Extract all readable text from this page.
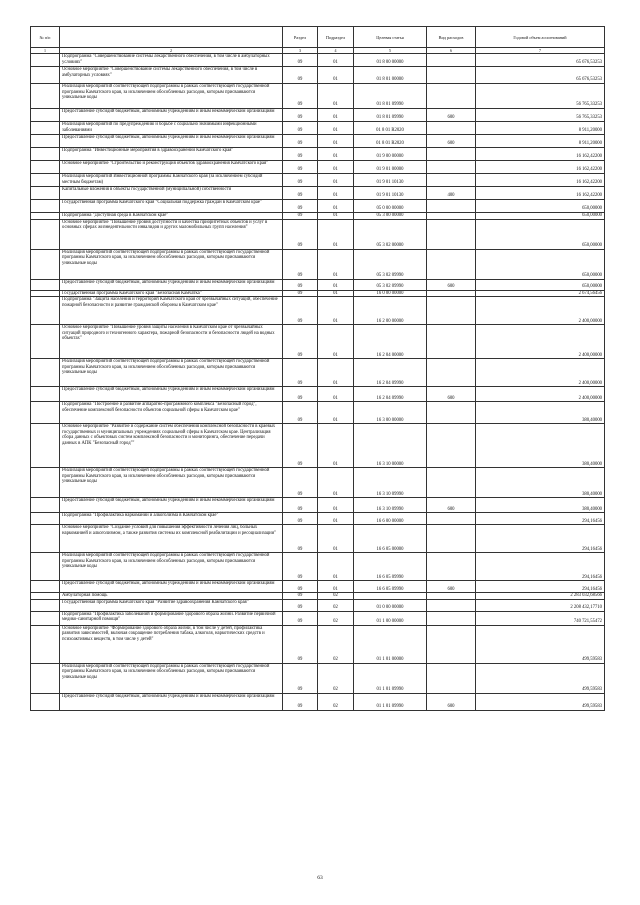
№ п/п		Раздел	Подраздел	Целевая статья	Вид расходов	Годовой объем ассигнований
1	2	3	4	5	6	7
	Подпрограмма "Совершенствование системы лекарственного обеспечения, в том числе в амбулаторных условиях"	09	01	01 8 00 00000		65 676,53253
	Основное мероприятие "Совершенствование системы лекарственного обеспечения, в том числе в амбулаторных условиях"	09	01	01 8 01 00000		65 676,53253
	Реализация мероприятий соответствующей подпрограммы в рамках соответствующей государственной программы Камчатского края, за исключением обособленных расходов, которым присваиваются уникальные коды	09	01	01 8 01 09990		56 765,33253
	Предоставление субсидий бюджетным, автономным учреждениям и иным некоммерческим организациям	09	01	01 8 01 09990	600	56 765,33253
	Реализация мероприятий по предупреждению и борьбе с социально значимыми инфекционными заболеваниями	09	01	01 8 01 R2020		8 911,20000
	Предоставление субсидий бюджетным, автономным учреждениям и иным некоммерческим организациям	09	01	01 8 01 R2020	600	8 911,20000
	Подпрограмма "Инвестиционные мероприятия в здравоохранении Камчатского края"	09	01	01 9 00 00000		16 162,42200
	Основное мероприятие "Строительство и реконструкция объектов здравоохранения Камчатского края"	09	01	01 9 01 00000		16 162,42200
	Реализация мероприятий Инвестиционной программы Камчатского края (за исключением субсидий местным бюджетам)	09	01	01 9 01 10130		16 162,42200
	Капитальные вложения в объекты государственной (муниципальной) собственности	09	01	01 9 01 10130	400	16 162,42200
	Государственная программа Камчатского края "Социальная поддержка граждан в Камчатском крае"	09	01	05 0 00 00000		650,00000
	Подпрограмма "Доступная среда в Камчатском крае"	09	01	05 3 00 00000		650,00000
	Основное мероприятие "Повышение уровня доступности и качества приоритетных объектов и услуг в основных сферах жизнедеятельности инвалидов и других маломобильных групп населения"	09	01	05 3 02 00000		650,00000
	Реализация мероприятий соответствующей подпрограммы в рамках соответствующей государственной программы Камчатского края, за исключением обособленных расходов, которым присваиваются уникальные коды	09	01	05 3 02 09990		650,00000
	Предоставление субсидий бюджетным, автономным учреждениям и иным некоммерческим организациям	09	01	05 3 02 09990	600	650,00000
	Государственная программа Камчатского края "Безопасная Камчатка"	09	01	16 0 00 00000		2 674,56456
	Подпрограмма "Защита населения и территорий Камчатского края от чрезвычайных ситуаций, обеспечение пожарной безопасности и развитие гражданской обороны в Камчатском крае"	09	01	16 2 00 00000		2 400,00000
	Основное мероприятие "Повышение уровня защиты населения в Камчатском крае от чрезвычайных ситуаций природного и техногенного характера, пожарной безопасности и безопасности людей на водных объектах"	09	01	16 2 04 00000		2 400,00000
	Реализация мероприятий соответствующей подпрограммы в рамках соответствующей государственной программы Камчатского края, за исключением обособленных расходов, которым присваиваются уникальные коды	09	01	16 2 04 09990		2 400,00000
	Предоставление субсидий бюджетным, автономным учреждениям и иным некоммерческим организациям	09	01	16 2 04 09990	600	2 400,00000
	Подпрограмма "Построение и развитие аппаратно-программного комплекса "Безопасный город", обеспечение комплексной безопасности объектов социальной сферы в Камчатском крае"	09	01	16 3 00 00000		380,40000
	Основное мероприятие "Развитие и содержание систем обеспечения комплексной безопасности в краевых государственных и муниципальных учреждениях социальной сферы в Камчатском крае. Централизация сбора данных с объектовых систем комплексной безопасности и мониторинга, обеспечение передачи данных в АПК "Безопасный город""	09	01	16 3 10 00000		380,40000
	Реализация мероприятий соответствующей подпрограммы в рамках соответствующей государственной программы Камчатского края, за исключением обособленных расходов, которым присваиваются уникальные коды	09	01	16 3 10 09990		380,40000
	Предоставление субсидий бюджетным, автономным учреждениям и иным некоммерческим организациям	09	01	16 3 10 09990	600	380,40000
	Подпрограмма "Профилактика наркомании и алкоголизма в Камчатском крае"	09	01	16 6 00 00000		294,16456
	Основное мероприятие "Создание условий для повышения эффективности лечения лиц, больных наркоманией и алкоголизмом, а также развития системы их комплексной реабилитации и ресоциализации"	09	01	16 6 05 00000		294,16456
	Реализация мероприятий соответствующей подпрограммы в рамках соответствующей государственной программы Камчатского края, за исключением обособленных расходов, которым присваиваются уникальные коды	09	01	16 6 05 09990		294,16456
	Предоставление субсидий бюджетным, автономным учреждениям и иным некоммерческим организациям	09	01	16 6 05 09990	600	294,16456
	Амбулаторная помощь	09	02			2 283 032,68566
	Государственная программа Камчатского края "Развитие здравоохранения Камчатского края"	09	02	01 0 00 00000		2 208 432,17710
	Подпрограмма "Профилактика заболеваний и формирование здорового образа жизни. Развитие первичной медико-санитарной помощи"	09	02	01 1 00 00000		740 721,55472
	Основное мероприятие "Формирование здорового образа жизни, в том числе у детей, профилактика развития зависимостей, включая сокращение потребления табака, алкоголя, наркотических средств и психоактивных веществ, в том числе у детей"	09	02	01 1 01 00000		499,59583
	Реализация мероприятий соответствующей подпрограммы в рамках соответствующей государственной программы Камчатского края, за исключением обособленных расходов, которым присваиваются уникальные коды	09	02	01 1 01 09990		499,59583
	Предоставление субсидий бюджетным, автономным учреждениям и иным некоммерческим организациям	09	02	01 1 01 09990	600	499,59583
63
